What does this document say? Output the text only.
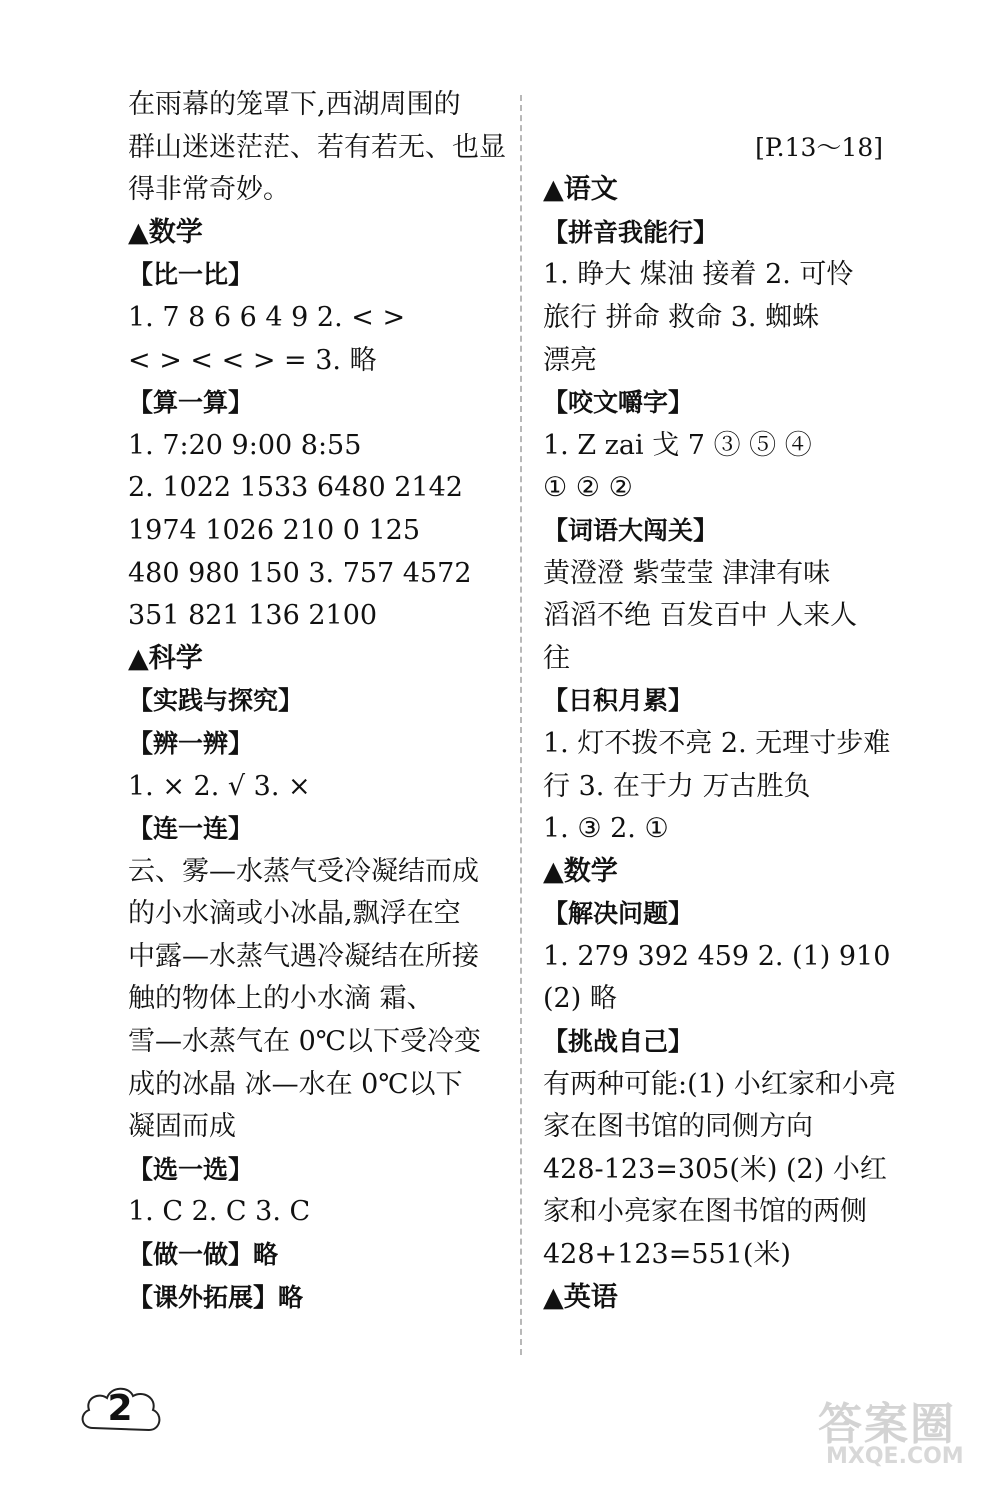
在雨幕的笼罩下,西湖周围的
群山迷迷茫茫、若有若无、也显
得非常奇妙。
▲数学
【比一比】
1. 7 8 6 6 4 9 2. < >
< > < < > = 3. 略
【算一算】
1. 7:20 9:00 8:55
2. 1022 1533 6480 2142
1974 1026 210 0 125
480 980 150 3. 757 4572
351 821 136 2100
▲科学
【实践与探究】
【辨一辨】
1. × 2. √ 3. ×
【连一连】
云、雾—水蒸气受冷凝结而成
的小水滴或小冰晶,飘浮在空
中露—水蒸气遇冷凝结在所接
触的物体上的小水滴 霜、
雪—水蒸气在 0℃以下受冷变
成的冰晶 冰—水在 0℃以下
凝固而成
【选一选】
1. C 2. C 3. C
【做一做】略
【课外拓展】略
[P.13～18]
▲语文
【拼音我能行】
1. 睁大 煤油 接着 2. 可怜
旅行 拼命 救命 3. 蜘蛛
漂亮
【咬文嚼字】
1. Z zai 戈 7 ③ ⑤ ④
① ② ②
【词语大闯关】
黄澄澄 紫莹莹 津津有味
滔滔不绝 百发百中 人来人
往
【日积月累】
1. 灯不拨不亮 2. 无理寸步难
行 3. 在于力 万古胜负
1. ③ 2. ①
▲数学
【解决问题】
1. 279 392 459 2. (1) 910
(2) 略
【挑战自己】
有两种可能:(1) 小红家和小亮
家在图书馆的同侧方向
428-123=305(米) (2) 小红
家和小亮家在图书馆的两侧
428+123=551(米)
▲英语
2	答案圈
MXQE.COM
